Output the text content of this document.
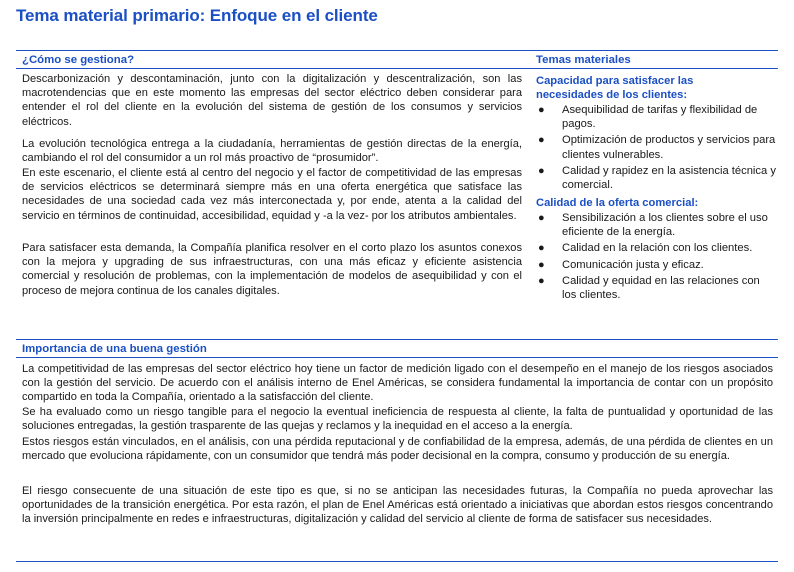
Tema material primario: Enfoque en el cliente
¿Cómo se gestiona?	Temas materiales

Descarbonización y descontaminación, junto con la digitalización y descentralización, son las macrotendencias que en este momento las empresas del sector eléctrico deben considerar para entender el rol del cliente en la evolución del sistema de gestión de los consumos y servicios eléctricos.

La evolución tecnológica entrega a la ciudadanía, herramientas de gestión directas de la energía, cambiando el rol del consumidor a un rol más proactivo de “prosumidor”.

En este escenario, el cliente está al centro del negocio y el factor de competitividad de las empresas de servicios eléctricos se determinará siempre más en una oferta energética que satisface las necesidades de una sociedad cada vez más interconectada y, por ende, atenta a la calidad del servicio en términos de continuidad, accesibilidad, equidad y -a la vez- por los atributos ambientales.

Para satisfacer esta demanda, la Compañía planifica resolver en el corto plazo los asuntos conexos con la mejora y upgrading de sus infraestructuras, con una más eficaz y eficiente asistencia comercial y resolución de problemas, con la implementación de modelos de asequibilidad y con el proceso de mejora continua de los canales digitales.

Capacidad para satisfacer las necesidades de los clientes:
● Asequibilidad de tarifas y flexibilidad de pagos.
● Optimización de productos y servicios para clientes vulnerables.
● Calidad y rapidez en la asistencia técnica y comercial.
Calidad de la oferta comercial:
● Sensibilización a los clientes sobre el uso eficiente de la energía.
● Calidad en la relación con los clientes.
● Comunicación justa y eficaz.
● Calidad y equidad en las relaciones con los clientes.
Importancia de una buena gestión

La competitividad de las empresas del sector eléctrico hoy tiene un factor de medición ligado con el desempeño en el manejo de los riesgos asociados con la gestión del servicio. De acuerdo con el análisis interno de Enel Américas, se considera fundamental la importancia de contar con un propósito compartido en toda la Compañía, orientado a la satisfacción del cliente.

Se ha evaluado como un riesgo tangible para el negocio la eventual ineficiencia de respuesta al cliente, la falta de puntualidad y oportunidad de las soluciones entregadas, la gestión trasparente de las quejas y reclamos y la inequidad en el acceso a la energía.

Estos riesgos están vinculados, en el análisis, con una pérdida reputacional y de confiabilidad de la empresa, además, de una pérdida de clientes en un mercado que evoluciona rápidamente, con un consumidor que tendrá más poder decisional en la compra, consumo y producción de su energía.

El riesgo consecuente de una situación de este tipo es que, si no se anticipan las necesidades futuras, la Compañía no pueda aprovechar las oportunidades de la transición energética. Por esta razón, el plan de Enel Américas está orientado a iniciativas que abordan estos riesgos concentrando la inversión principalmente en redes e infraestructuras, digitalización y calidad del servicio al cliente de forma de satisfacer sus necesidades.
